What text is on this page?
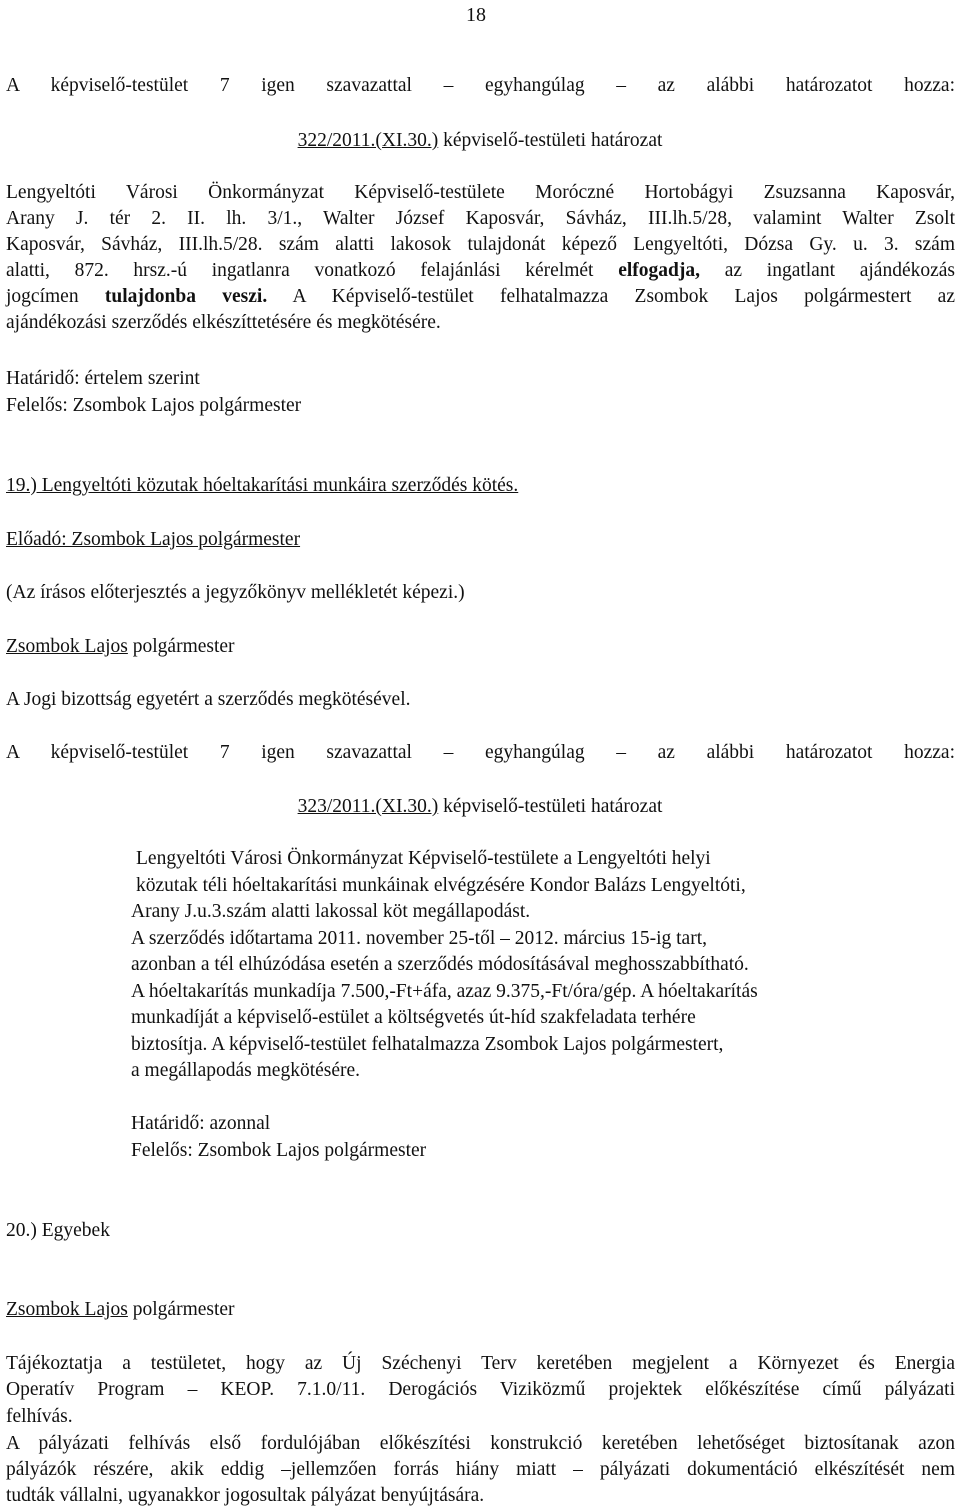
18

A képviselő-testület 7 igen szavazattal – egyhangúlag – az alábbi határozatot hozza:

322/2011.(XI.30.) képviselő-testületi határozat

Lengyeltóti Városi Önkormányzat Képviselő-testülete Moróczné Hortobágyi Zsuzsanna Kaposvár,

Arany J. tér 2. II. lh. 3/1., Walter József Kaposvár, Sávház, III.lh.5/28, valamint Walter Zsolt

Kaposvár, Sávház, III.lh.5/28. szám alatti lakosok tulajdonát képező Lengyeltóti, Dózsa Gy. u. 3. szám

alatti, 872. hrsz.-ú ingatlanra vonatkozó felajánlási kérelmét elfogadja, az ingatlant ajándékozás

jogcímen tulajdonba veszi. A Képviselő-testület felhatalmazza Zsombok Lajos polgármestert az

ajándékozási szerződés elkészíttetésére és megkötésére.

Határidő: értelem szerint

Felelős: Zsombok Lajos polgármester

19.) Lengyeltóti közutak hóeltakarítási munkáira szerződés kötés.

Előadó: Zsombok Lajos polgármester

(Az írásos előterjesztés a jegyzőkönyv mellékletét képezi.)

Zsombok Lajos polgármester

A Jogi bizottság egyetért a szerződés megkötésével.

A képviselő-testület 7 igen szavazattal – egyhangúlag – az alábbi határozatot hozza:

323/2011.(XI.30.) képviselő-testületi határozat

Lengyeltóti Városi Önkormányzat Képviselő-testülete a Lengyeltóti helyi

közutak téli hóeltakarítási munkáinak elvégzésére Kondor Balázs Lengyeltóti,

Arany J.u.3.szám alatti lakossal köt megállapodást.

A szerződés időtartama 2011. november 25-től – 2012. március 15-ig tart,

azonban a tél elhúzódása esetén a szerződés módosításával meghosszabbítható.

A hóeltakarítás munkadíja 7.500,-Ft+áfa, azaz 9.375,-Ft/óra/gép. A hóeltakarítás

munkadíját a képviselő-estület a költségvetés út-híd szakfeladata terhére

biztosítja. A képviselő-testület felhatalmazza Zsombok Lajos polgármestert,

a megállapodás megkötésére.

Határidő: azonnal

Felelős: Zsombok Lajos polgármester

20.) Egyebek

Zsombok Lajos polgármester

Tájékoztatja a testületet, hogy az Új Széchenyi Terv keretében megjelent a Környezet és Energia

Operatív Program – KEOP. 7.1.0/11. Derogációs Viziközmű projektek előkészítése című pályázati

felhívás.

A pályázati felhívás első fordulójában előkészítési konstrukció keretében lehetőséget biztosítanak azon

pályázók részére, akik eddig –jellemzően forrás hiány miatt – pályázati dokumentáció elkészítését nem

tudták vállalni, ugyanakkor jogosultak pályázat benyújtására.
